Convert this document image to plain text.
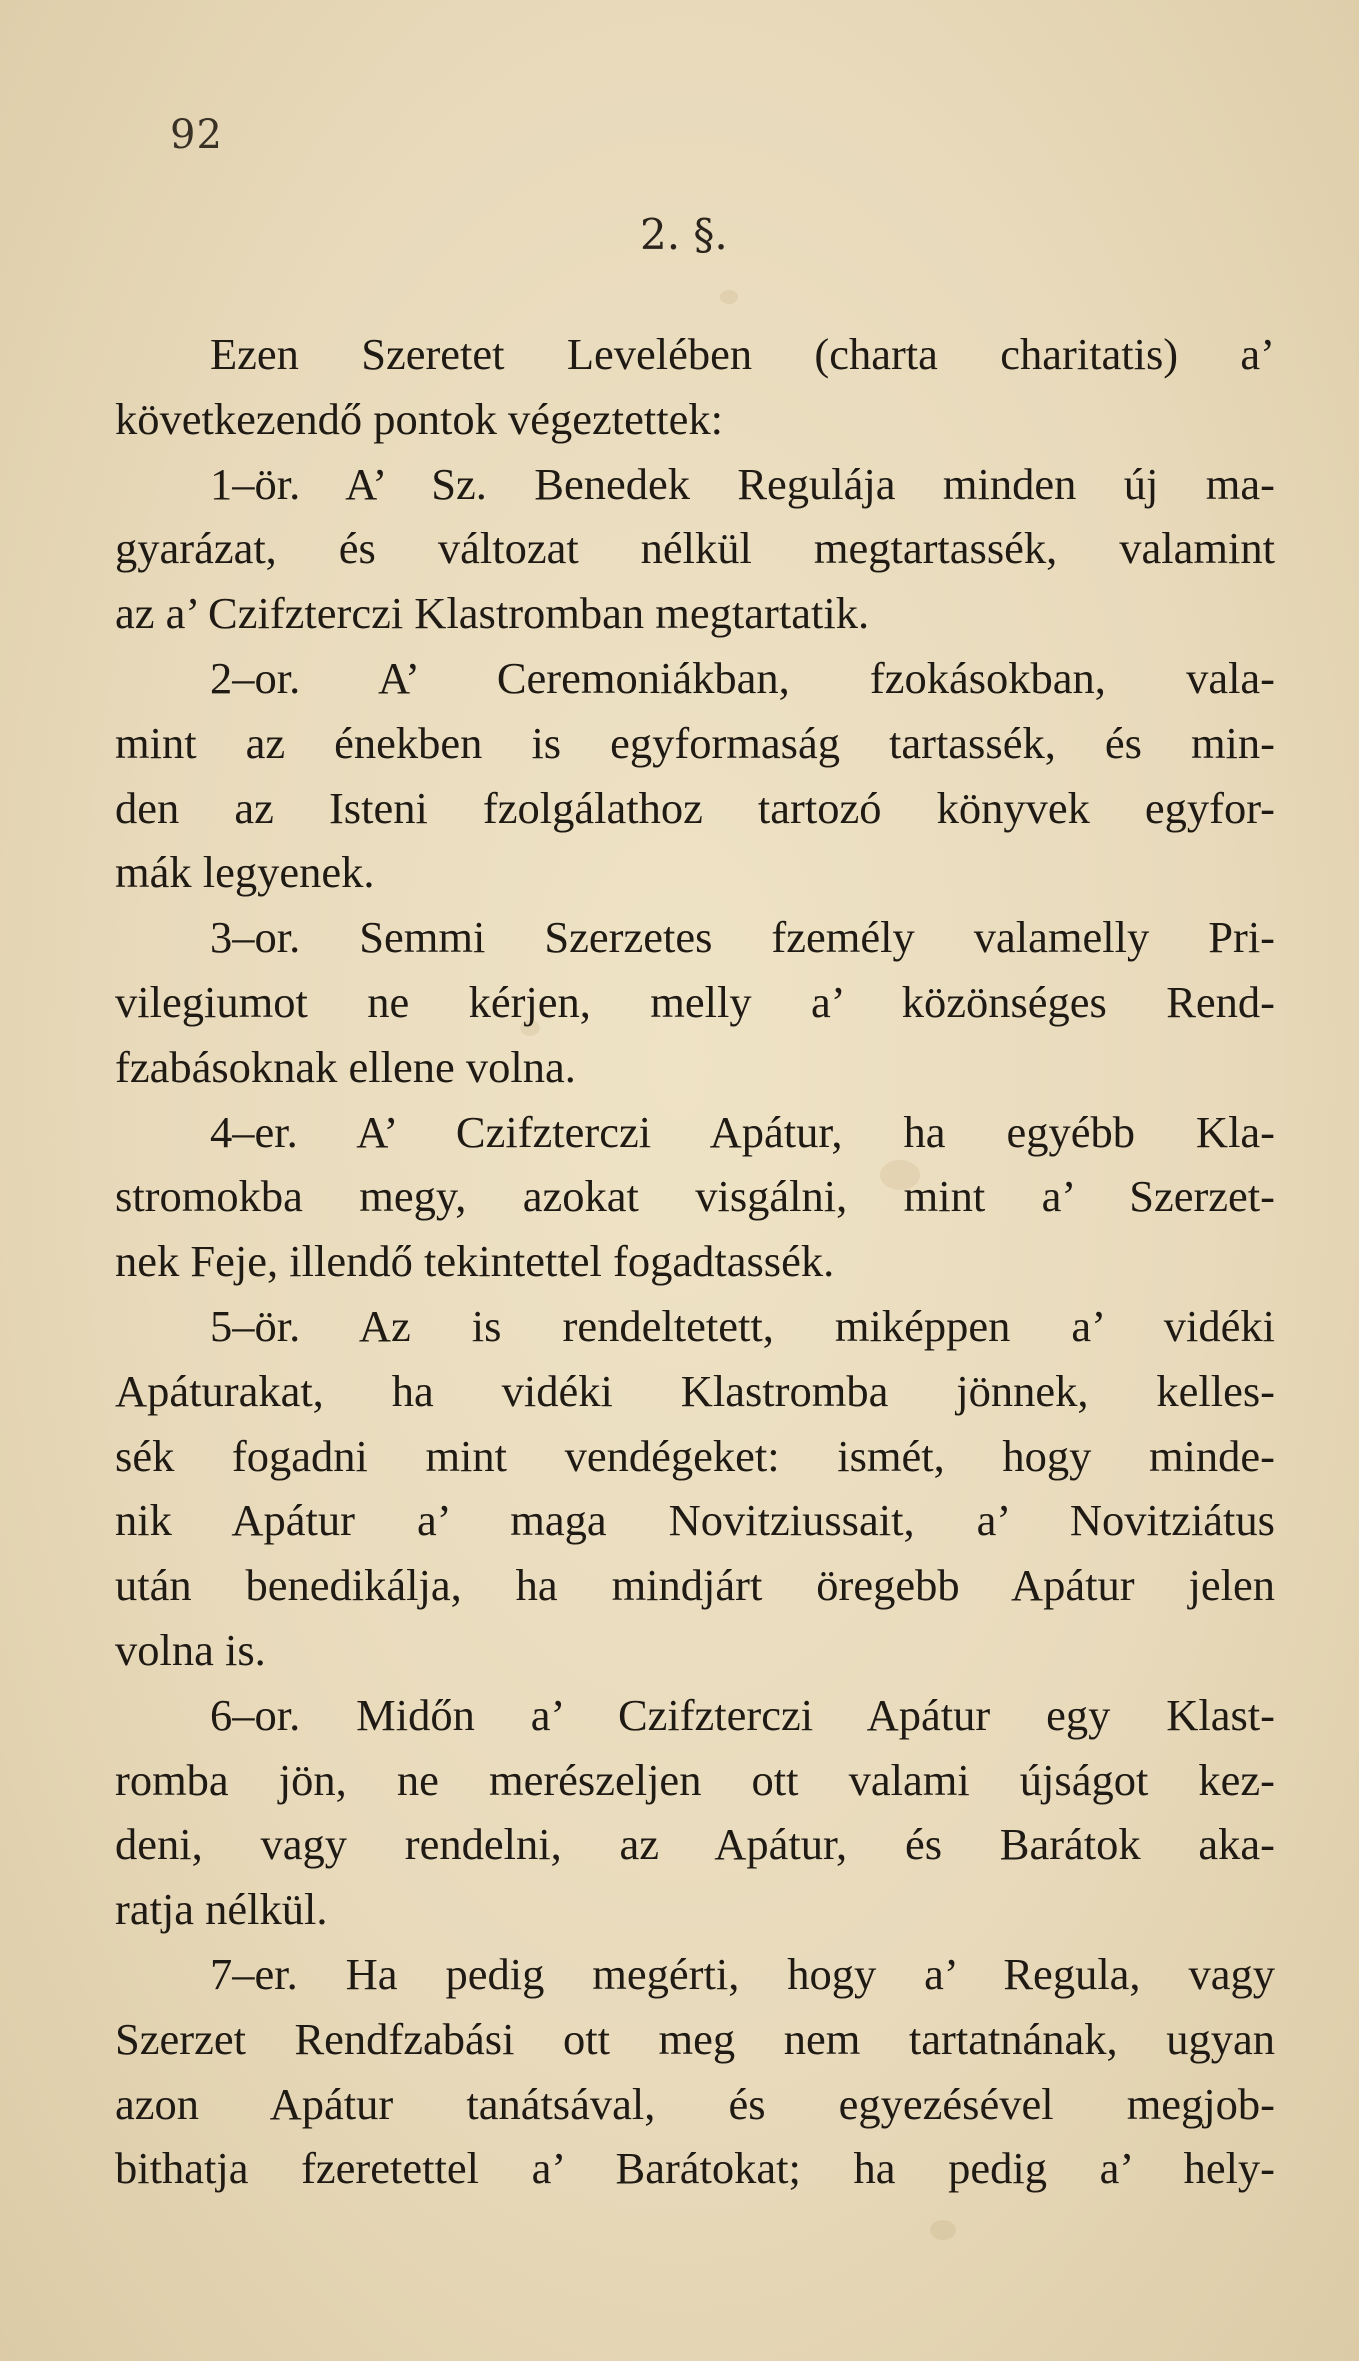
92
2. §.
Ezen Szeretet Levelében (charta charitatis) a’
következendő pontok végeztettek:
1–ör. A’ Sz. Benedek Regulája minden új ma-
gyarázat, és változat nélkül megtartassék, valamint
az a’ Czifzterczi Klastromban megtartatik.
2–or. A’ Ceremoniákban, fzokásokban, vala-
mint az énekben is egyformaság tartassék, és min-
den az Isteni fzolgálathoz tartozó könyvek egyfor-
mák legyenek.
3–or. Semmi Szerzetes fzemély valamelly Pri-
vilegiumot ne kérjen, melly a’ közönséges Rend-
fzabásoknak ellene volna.
4–er. A’ Czifzterczi Apátur, ha egyébb Kla-
stromokba megy, azokat visgálni, mint a’ Szerzet-
nek Feje, illendő tekintettel fogadtassék.
5–ör. Az is rendeltetett, miképpen a’ vidéki
Apáturakat, ha vidéki Klastromba jönnek, kelles-
sék fogadni mint vendégeket: ismét, hogy minde-
nik Apátur a’ maga Novitziussait, a’ Novitziátus
után benedikálja, ha mindjárt öregebb Apátur jelen
volna is.
6–or. Midőn a’ Czifzterczi Apátur egy Klast-
romba jön, ne merészeljen ott valami újságot kez-
deni, vagy rendelni, az Apátur, és Barátok aka-
ratja nélkül.
7–er. Ha pedig megérti, hogy a’ Regula, vagy
Szerzet Rendfzabási ott meg nem tartatnának, ugyan
azon Apátur tanátsával, és egyezésével megjob-
bithatja fzeretettel a’ Barátokat; ha pedig a’ hely-
